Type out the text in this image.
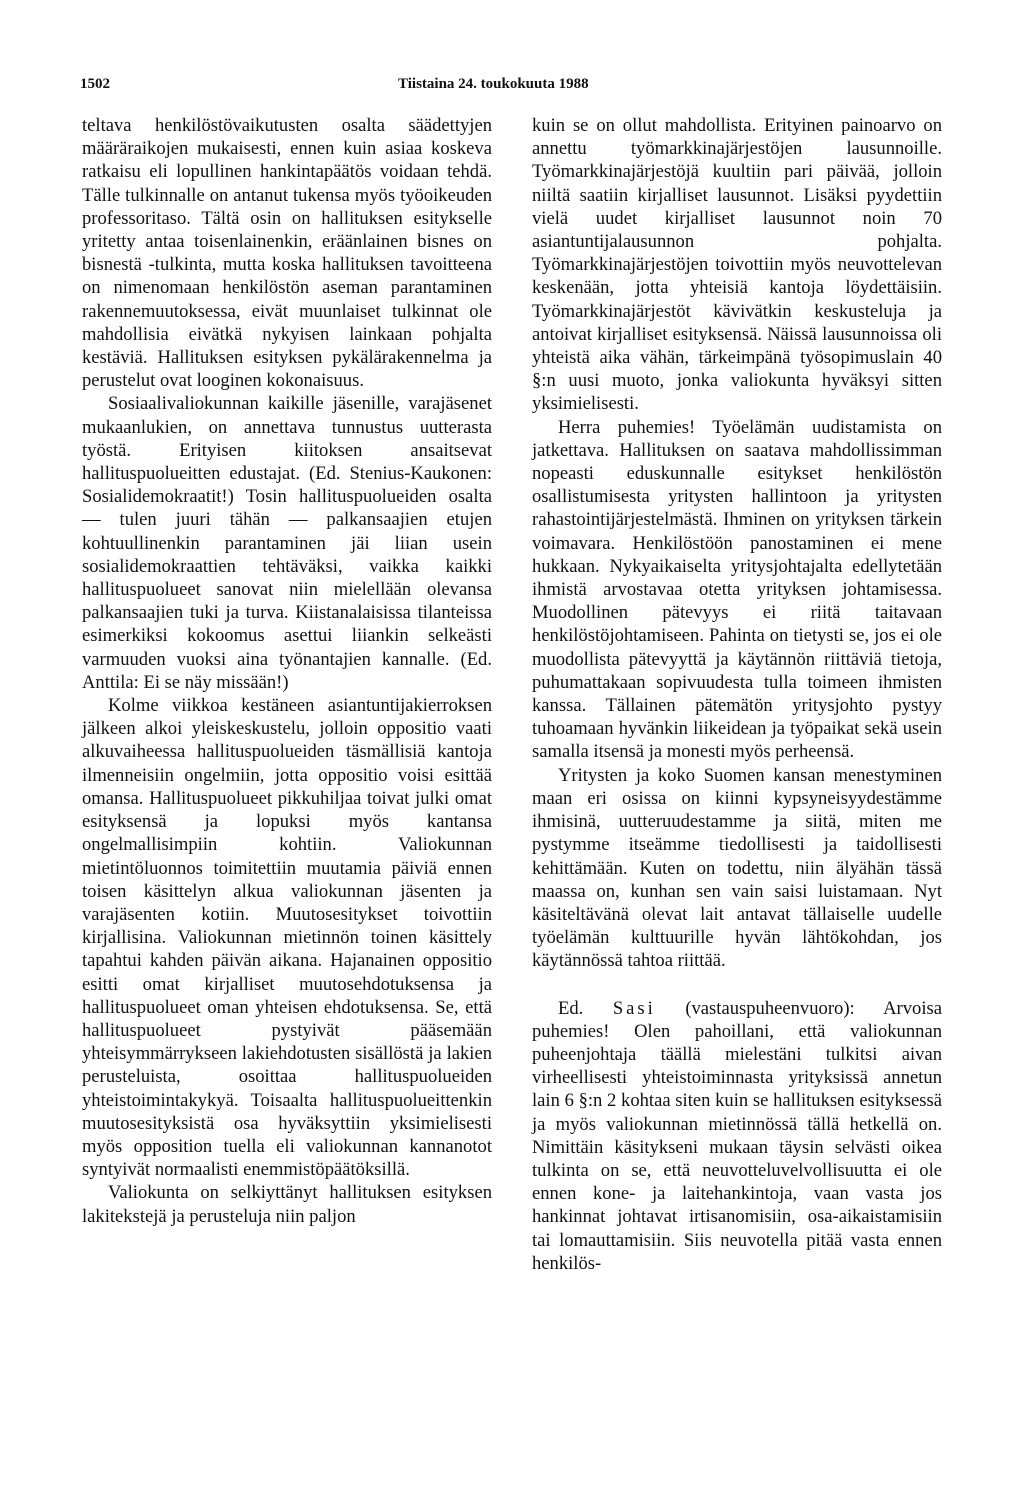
1502	Tiistaina 24. toukokuuta 1988

teltava henkilöstövaikutusten osalta säädettyjen määräraikojen mukaisesti, ennen kuin asiaa koskeva ratkaisu eli lopullinen hankintapäätös voidaan tehdä. Tälle tulkinnalle on antanut tukensa myös työoikeuden professoritaso. Tältä osin on hallituksen esitykselle yritetty antaa toisenlainenkin, eräänlainen bisnes on bisnestä -tulkinta, mutta koska hallituksen tavoitteena on nimenomaan henkilöstön aseman parantaminen rakennemuutoksessa, eivät muunlaiset tulkinnat ole mahdollisia eivätkä nykyisen lainkaan pohjalta kestäviä. Hallituksen esityksen pykälärakennelma ja perustelut ovat looginen kokonaisuus.

Sosiaalivaliokunnan kaikille jäsenille, varajäsenet mukaanlukien, on annettava tunnustus uutterasta työstä. Erityisen kiitoksen ansaitsevat hallituspuolueitten edustajat. (Ed. Stenius-Kaukonen: Sosialidemokraatit!) Tosin hallituspuolueiden osalta — tulen juuri tähän — palkansaajien etujen kohtuullinenkin parantaminen jäi liian usein sosialidemokraattien tehtäväksi, vaikka kaikki hallituspuolueet sanovat niin mielellään olevansa palkansaajien tuki ja turva. Kiistanalaisissa tilanteissa esimerkiksi kokoomus asettui liiankin selkeästi varmuuden vuoksi aina työnantajien kannalle. (Ed. Anttila: Ei se näy missään!)

Kolme viikkoa kestäneen asiantuntijakierroksen jälkeen alkoi yleiskeskustelu, jolloin oppositio vaati alkuvaiheessa hallituspuolueiden täsmällisiä kantoja ilmenneisiin ongelmiin, jotta oppositio voisi esittää omansa. Hallituspuolueet pikkuhiljaa toivat julki omat esityksensä ja lopuksi myös kantansa ongelmallisimpiin kohtiin. Valiokunnan mietintöluonnos toimitettiin muutamia päiviä ennen toisen käsittelyn alkua valiokunnan jäsenten ja varajäsenten kotiin. Muutosesitykset toivottiin kirjallisina. Valiokunnan mietinnön toinen käsittely tapahtui kahden päivän aikana. Hajanainen oppositio esitti omat kirjalliset muutosehdotuksensa ja hallituspuolueet oman yhteisen ehdotuksensa. Se, että hallituspuolueet pystyivät pääsemään yhteisymmärrykseen lakiehdotusten sisällöstä ja lakien perusteluista, osoittaa hallituspuolueiden yhteistoimintakykyä. Toisaalta hallituspuolueittenkin muutosesityksistä osa hyväksyttiin yksimielisesti myös opposition tuella eli valiokunnan kannanotot syntyivät normaalisti enemmistöpäätöksillä.

Valiokunta on selkiyttänyt hallituksen esityksen lakitekstejä ja perusteluja niin paljon

kuin se on ollut mahdollista. Erityinen painoarvo on annettu työmarkkinajärjestöjen lausunnoille. Työmarkkinajärjestöjä kuultiin pari päivää, jolloin niiltä saatiin kirjalliset lausunnot. Lisäksi pyydettiin vielä uudet kirjalliset lausunnot noin 70 asiantuntijalausunnon pohjalta. Työmarkkinajärjestöjen toivottiin myös neuvottelevan keskenään, jotta yhteisiä kantoja löydettäisiin. Työmarkkinajärjestöt kävivätkin keskusteluja ja antoivat kirjalliset esityksensä. Näissä lausunnoissa oli yhteistä aika vähän, tärkeimpänä työsopimuslain 40 §:n uusi muoto, jonka valiokunta hyväksyi sitten yksimielisesti.

Herra puhemies! Työelämän uudistamista on jatkettava. Hallituksen on saatava mahdollissimman nopeasti eduskunnalle esitykset henkilöstön osallistumisesta yritysten hallintoon ja yritysten rahastointijärjestelmästä. Ihminen on yrityksen tärkein voimavara. Henkilöstöön panostaminen ei mene hukkaan. Nykyaikaiselta yritysjohtajalta edellytetään ihmistä arvostavaa otetta yrityksen johtamisessa. Muodollinen pätevyys ei riitä taitavaan henkilöstöjohtamiseen. Pahinta on tietysti se, jos ei ole muodollista pätevyyttä ja käytännön riittäviä tietoja, puhumattakaan sopivuudesta tulla toimeen ihmisten kanssa. Tällainen pätemätön yritysjohto pystyy tuhoamaan hyvänkin liikeidean ja työpaikat sekä usein samalla itsensä ja monesti myös perheensä.

Yritysten ja koko Suomen kansan menestyminen maan eri osissa on kiinni kypsyneisyydestämme ihmisinä, uutteruudestamme ja siitä, miten me pystymme itseämme tiedollisesti ja taidollisesti kehittämään. Kuten on todettu, niin älyähän tässä maassa on, kunhan sen vain saisi luistamaan. Nyt käsiteltävänä olevat lait antavat tällaiselle uudelle työelämän kulttuurille hyvän lähtökohdan, jos käytännössä tahtoa riittää.

Ed. Sasi (vastauspuheenvuoro): Arvoisa puhemies! Olen pahoillani, että valiokunnan puheenjohtaja täällä mielestäni tulkitsi aivan virheellisesti yhteistoiminnasta yrityksissä annetun lain 6 §:n 2 kohtaa siten kuin se hallituksen esityksessä ja myös valiokunnan mietinnössä tällä hetkellä on. Nimittäin käsitykseni mukaan täysin selvästi oikea tulkinta on se, että neuvotteluvelvollisuutta ei ole ennen kone- ja laitehankintoja, vaan vasta jos hankinnat johtavat irtisanomisiin, osa-aikaistamisiin tai lomauttamisiin. Siis neuvotella pitää vasta ennen henkilös-
